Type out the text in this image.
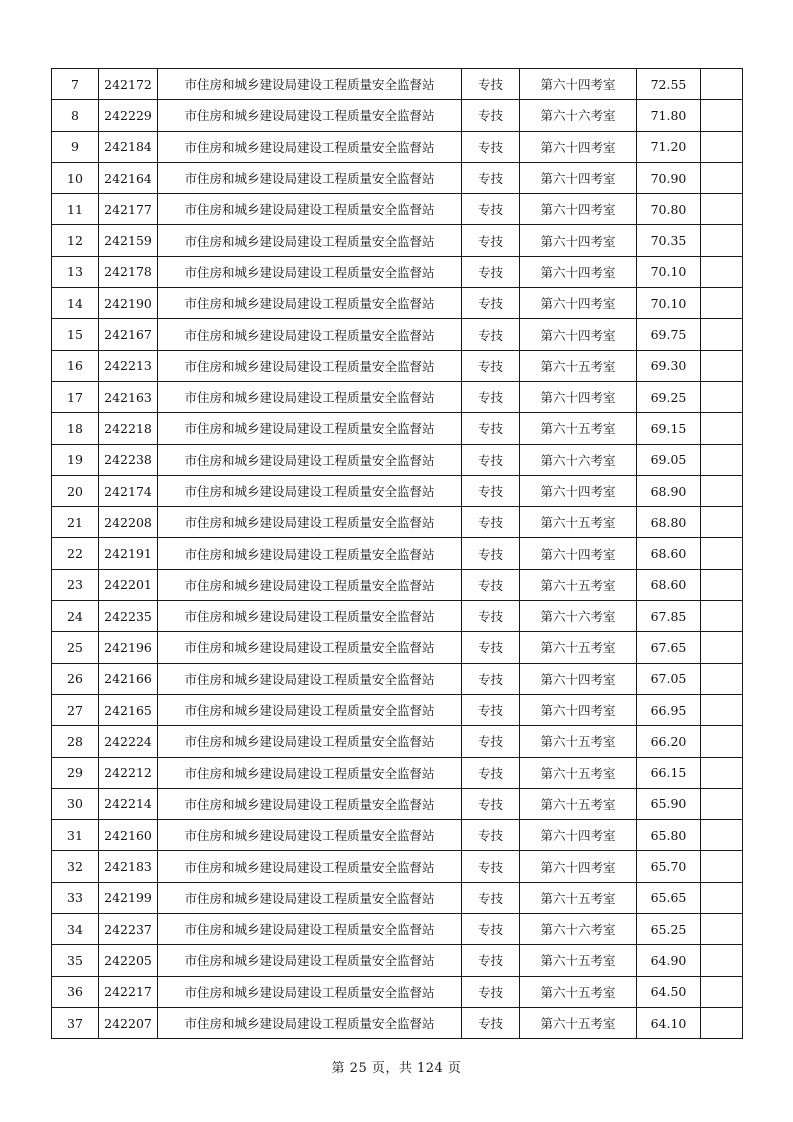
7	242172	市住房和城乡建设局建设工程质量安全监督站	专技	第六十四考室	72.55	
8	242229	市住房和城乡建设局建设工程质量安全监督站	专技	第六十六考室	71.80	
9	242184	市住房和城乡建设局建设工程质量安全监督站	专技	第六十四考室	71.20	
10	242164	市住房和城乡建设局建设工程质量安全监督站	专技	第六十四考室	70.90	
11	242177	市住房和城乡建设局建设工程质量安全监督站	专技	第六十四考室	70.80	
12	242159	市住房和城乡建设局建设工程质量安全监督站	专技	第六十四考室	70.35	
13	242178	市住房和城乡建设局建设工程质量安全监督站	专技	第六十四考室	70.10	
14	242190	市住房和城乡建设局建设工程质量安全监督站	专技	第六十四考室	70.10	
15	242167	市住房和城乡建设局建设工程质量安全监督站	专技	第六十四考室	69.75	
16	242213	市住房和城乡建设局建设工程质量安全监督站	专技	第六十五考室	69.30	
17	242163	市住房和城乡建设局建设工程质量安全监督站	专技	第六十四考室	69.25	
18	242218	市住房和城乡建设局建设工程质量安全监督站	专技	第六十五考室	69.15	
19	242238	市住房和城乡建设局建设工程质量安全监督站	专技	第六十六考室	69.05	
20	242174	市住房和城乡建设局建设工程质量安全监督站	专技	第六十四考室	68.90	
21	242208	市住房和城乡建设局建设工程质量安全监督站	专技	第六十五考室	68.80	
22	242191	市住房和城乡建设局建设工程质量安全监督站	专技	第六十四考室	68.60	
23	242201	市住房和城乡建设局建设工程质量安全监督站	专技	第六十五考室	68.60	
24	242235	市住房和城乡建设局建设工程质量安全监督站	专技	第六十六考室	67.85	
25	242196	市住房和城乡建设局建设工程质量安全监督站	专技	第六十五考室	67.65	
26	242166	市住房和城乡建设局建设工程质量安全监督站	专技	第六十四考室	67.05	
27	242165	市住房和城乡建设局建设工程质量安全监督站	专技	第六十四考室	66.95	
28	242224	市住房和城乡建设局建设工程质量安全监督站	专技	第六十五考室	66.20	
29	242212	市住房和城乡建设局建设工程质量安全监督站	专技	第六十五考室	66.15	
30	242214	市住房和城乡建设局建设工程质量安全监督站	专技	第六十五考室	65.90	
31	242160	市住房和城乡建设局建设工程质量安全监督站	专技	第六十四考室	65.80	
32	242183	市住房和城乡建设局建设工程质量安全监督站	专技	第六十四考室	65.70	
33	242199	市住房和城乡建设局建设工程质量安全监督站	专技	第六十五考室	65.65	
34	242237	市住房和城乡建设局建设工程质量安全监督站	专技	第六十六考室	65.25	
35	242205	市住房和城乡建设局建设工程质量安全监督站	专技	第六十五考室	64.90	
36	242217	市住房和城乡建设局建设工程质量安全监督站	专技	第六十五考室	64.50	
37	242207	市住房和城乡建设局建设工程质量安全监督站	专技	第六十五考室	64.10	
第 25 页，共 124 页
